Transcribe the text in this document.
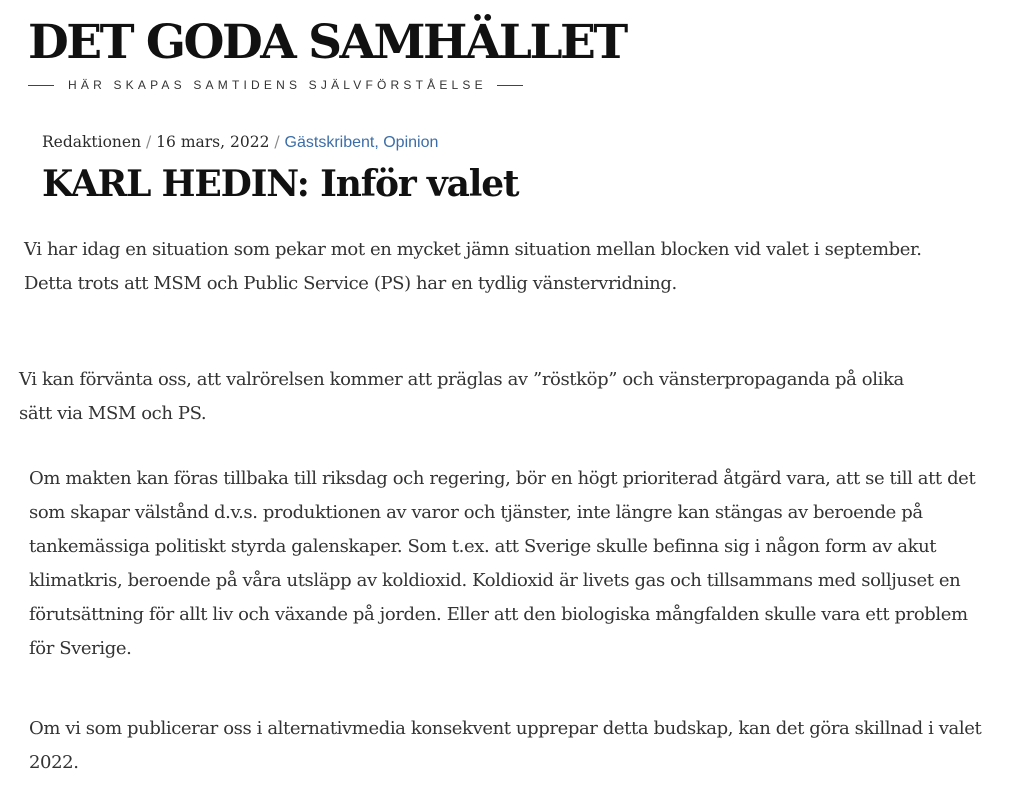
DET GODA SAMHÄLLET
HÄR SKAPAS SAMTIDENS SJÄLVFÖRSTÅELSE
Redaktionen / 16 mars, 2022 / Gästskribent, Opinion
KARL HEDIN: Inför valet

Vi har idag en situation som pekar mot en mycket jämn situation mellan blocken vid valet i september. Detta trots att MSM och Public Service (PS) har en tydlig vänstervridning.

Vi kan förvänta oss, att valrörelsen kommer att präglas av ”röstköp” och vänsterpropaganda på olika sätt via MSM och PS.

Om makten kan föras tillbaka till riksdag och regering, bör en högt prioriterad åtgärd vara, att se till att det som skapar välstånd d.v.s. produktionen av varor och tjänster, inte längre kan stängas av beroende på tankemässiga politiskt styrda galenskaper. Som t.ex. att Sverige skulle befinna sig i någon form av akut klimatkris, beroende på våra utsläpp av koldioxid. Koldioxid är livets gas och tillsammans med solljuset en förutsättning för allt liv och växande på jorden. Eller att den biologiska mångfalden skulle vara ett problem för Sverige.

Om vi som publicerar oss i alternativmedia konsekvent upprepar detta budskap, kan det göra skillnad i valet 2022.
